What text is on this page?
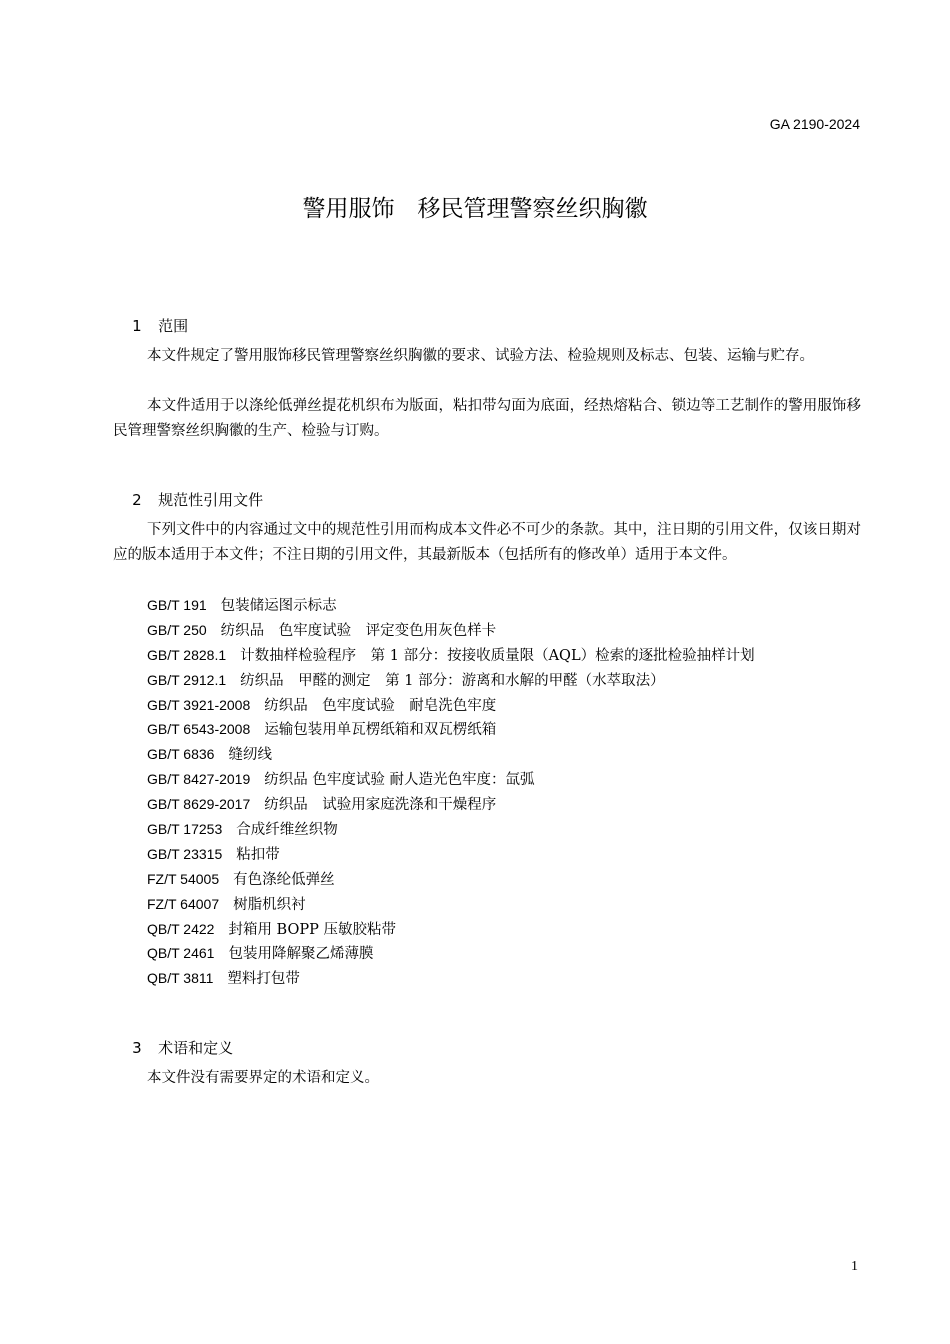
GA 2190-2024
警用服饰　移民管理警察丝织胸徽

1 范围

本文件规定了警用服饰移民管理警察丝织胸徽的要求、试验方法、检验规则及标志、包装、运输与贮存。

本文件适用于以涤纶低弹丝提花机织布为版面，粘扣带勾面为底面，经热熔粘合、锁边等工艺制作的警用服饰移民管理警察丝织胸徽的生产、检验与订购。

2 规范性引用文件

下列文件中的内容通过文中的规范性引用而构成本文件必不可少的条款。其中，注日期的引用文件，仅该日期对应的版本适用于本文件；不注日期的引用文件，其最新版本（包括所有的修改单）适用于本文件。

GB/T 191 包装储运图示标志
GB/T 250 纺织品　色牢度试验　评定变色用灰色样卡
GB/T 2828.1 计数抽样检验程序　第 1 部分：按接收质量限（AQL）检索的逐批检验抽样计划
GB/T 2912.1 纺织品　甲醛的测定　第 1 部分：游离和水解的甲醛（水萃取法）
GB/T 3921-2008 纺织品　色牢度试验　耐皂洗色牢度
GB/T 6543-2008 运输包装用单瓦楞纸箱和双瓦楞纸箱
GB/T 6836 缝纫线
GB/T 8427-2019 纺织品 色牢度试验 耐人造光色牢度：氙弧
GB/T 8629-2017 纺织品　试验用家庭洗涤和干燥程序
GB/T 17253 合成纤维丝织物
GB/T 23315 粘扣带
FZ/T 54005 有色涤纶低弹丝
FZ/T 64007 树脂机织衬
QB/T 2422 封箱用 BOPP 压敏胶粘带
QB/T 2461 包装用降解聚乙烯薄膜
QB/T 3811 塑料打包带

3 术语和定义

本文件没有需要界定的术语和定义。

1
